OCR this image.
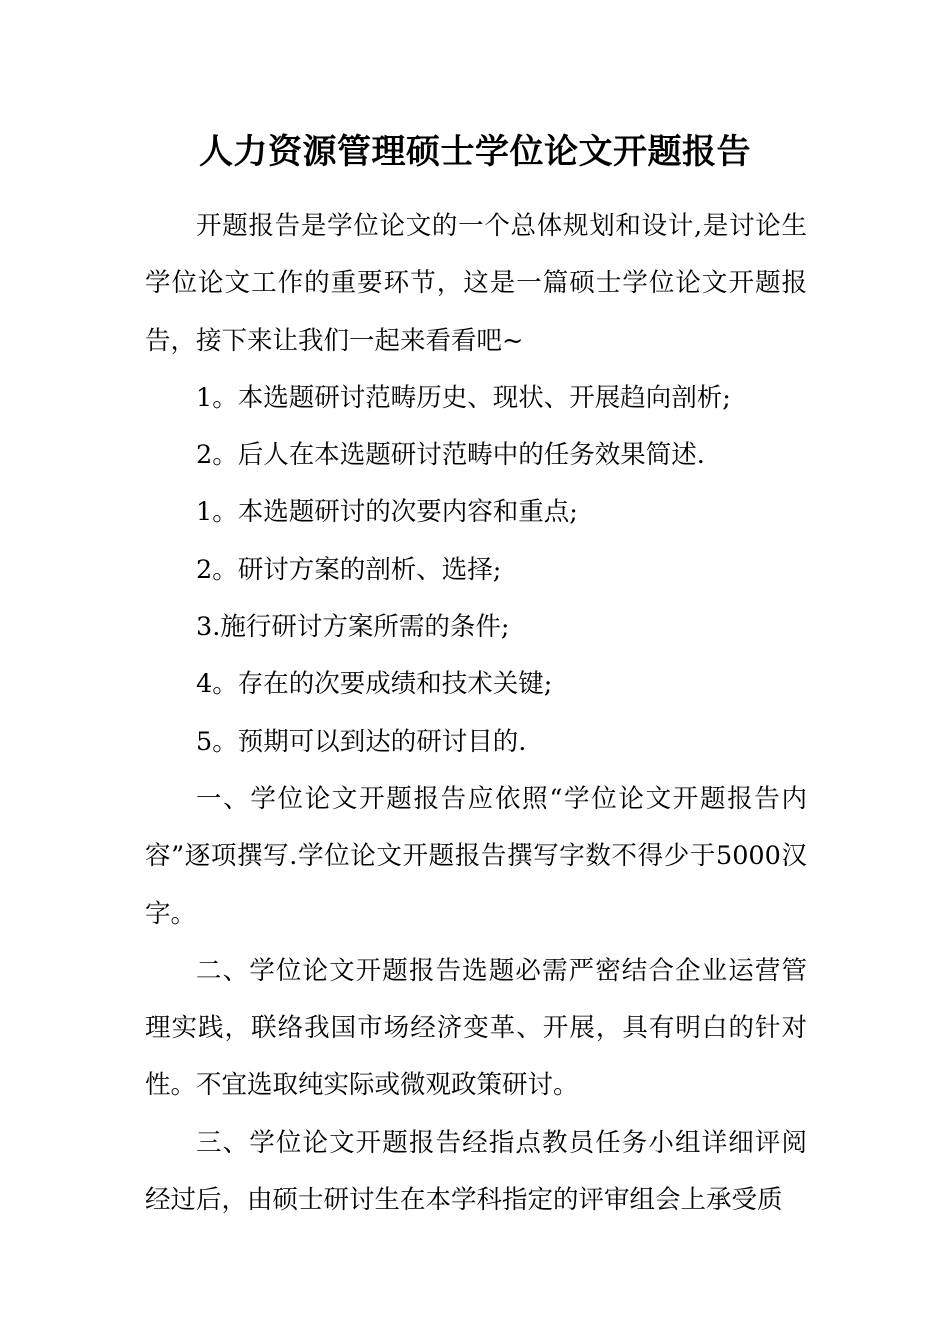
人力资源管理硕士学位论文开题报告

开题报告是学位论文的一个总体规划和设计,是讨论生学位论文工作的重要环节，这是一篇硕士学位论文开题报告，接下来让我们一起来看看吧~

1。本选题研讨范畴历史、现状、开展趋向剖析;

2。后人在本选题研讨范畴中的任务效果简述.

1。本选题研讨的次要内容和重点;

2。研讨方案的剖析、选择;

3.施行研讨方案所需的条件;

4。存在的次要成绩和技术关键;

5。预期可以到达的研讨目的.

一、学位论文开题报告应依照“学位论文开题报告内容”逐项撰写.学位论文开题报告撰写字数不得少于5000汉字。

二、学位论文开题报告选题必需严密结合企业运营管理实践，联络我国市场经济变革、开展，具有明白的针对性。不宜选取纯实际或微观政策研讨。

三、学位论文开题报告经指点教员任务小组详细评阅经过后，由硕士研讨生在本学科指定的评审组会上承受质
